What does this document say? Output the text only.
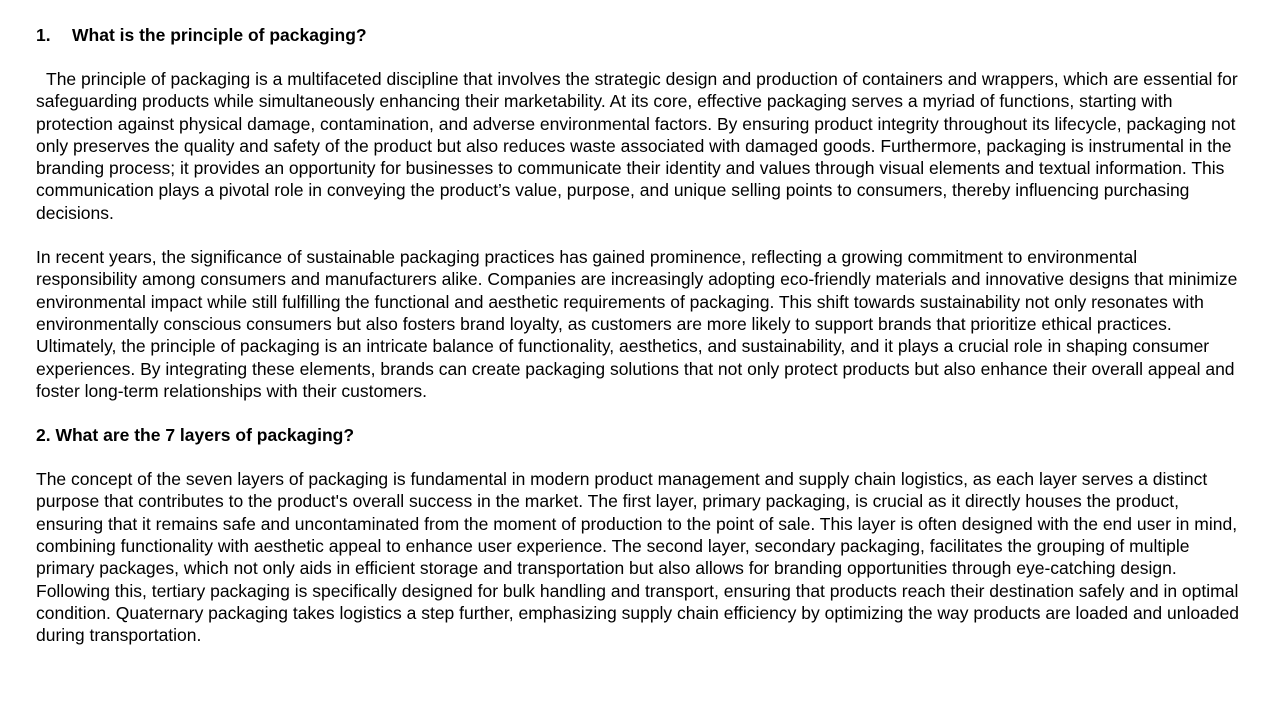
1. What is the principle of packaging?

The principle of packaging is a multifaceted discipline that involves the strategic design and production of containers and wrappers, which are essential for safeguarding products while simultaneously enhancing their marketability. At its core, effective packaging serves a myriad of functions, starting with protection against physical damage, contamination, and adverse environmental factors. By ensuring product integrity throughout its lifecycle, packaging not only preserves the quality and safety of the product but also reduces waste associated with damaged goods. Furthermore, packaging is instrumental in the branding process; it provides an opportunity for businesses to communicate their identity and values through visual elements and textual information. This communication plays a pivotal role in conveying the product’s value, purpose, and unique selling points to consumers, thereby influencing purchasing decisions.

In recent years, the significance of sustainable packaging practices has gained prominence, reflecting a growing commitment to environmental responsibility among consumers and manufacturers alike. Companies are increasingly adopting eco-friendly materials and innovative designs that minimize environmental impact while still fulfilling the functional and aesthetic requirements of packaging. This shift towards sustainability not only resonates with environmentally conscious consumers but also fosters brand loyalty, as customers are more likely to support brands that prioritize ethical practices. Ultimately, the principle of packaging is an intricate balance of functionality, aesthetics, and sustainability, and it plays a crucial role in shaping consumer experiences. By integrating these elements, brands can create packaging solutions that not only protect products but also enhance their overall appeal and foster long-term relationships with their customers.

2. What are the 7 layers of packaging?

The concept of the seven layers of packaging is fundamental in modern product management and supply chain logistics, as each layer serves a distinct purpose that contributes to the product's overall success in the market. The first layer, primary packaging, is crucial as it directly houses the product, ensuring that it remains safe and uncontaminated from the moment of production to the point of sale. This layer is often designed with the end user in mind, combining functionality with aesthetic appeal to enhance user experience. The second layer, secondary packaging, facilitates the grouping of multiple primary packages, which not only aids in efficient storage and transportation but also allows for branding opportunities through eye-catching design. Following this, tertiary packaging is specifically designed for bulk handling and transport, ensuring that products reach their destination safely and in optimal condition. Quaternary packaging takes logistics a step further, emphasizing supply chain efficiency by optimizing the way products are loaded and unloaded during transportation.
